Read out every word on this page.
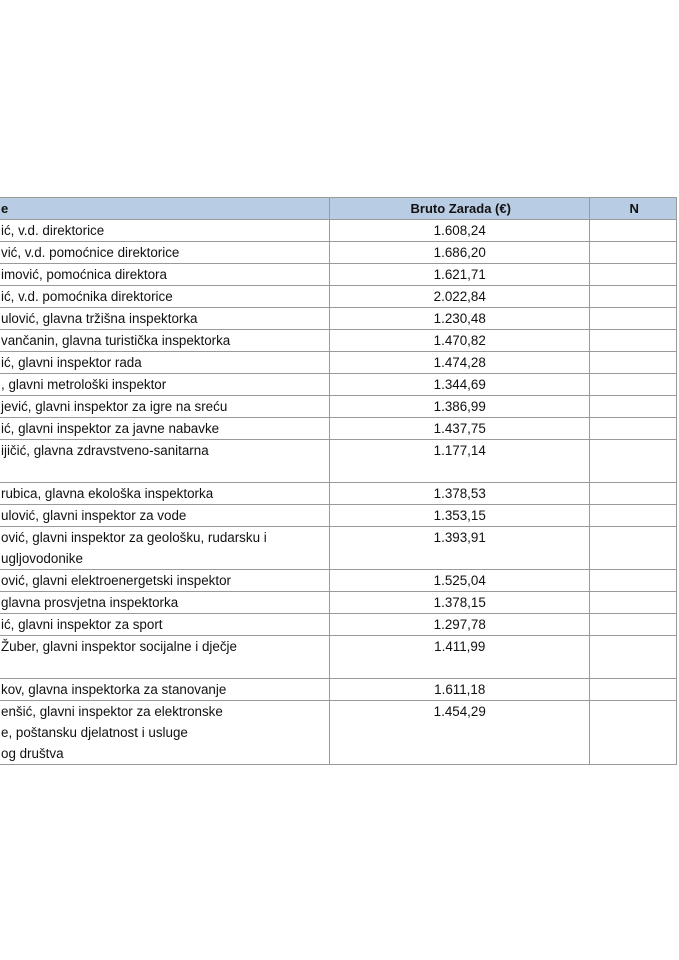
e	Bruto Zarada (€)	N

ić, v.d. direktorice	1.608,24	

vić, v.d. pomoćnice direktorice	1.686,20	

imović, pomoćnica direktora	1.621,71	

ić, v.d. pomoćnika direktorice	2.022,84	

ulović, glavna tržišna inspektorka	1.230,48	

vančanin, glavna turistička inspektorka	1.470,82	

ić, glavni inspektor rada	1.474,28	

, glavni metrološki inspektor	1.344,69	

jević, glavni inspektor za igre na sreću	1.386,99	

ić, glavni inspektor za javne nabavke	1.437,75	

ijičić, glavna zdravstveno-sanitarna	1.177,14	

rubica, glavna ekološka inspektorka	1.378,53	

ulović, glavni inspektor za vode	1.353,15	

ović, glavni inspektor za geološku, rudarsku i
ugljovodonike	1.393,91	

ović, glavni elektroenergetski inspektor	1.525,04	

glavna prosvjetna inspektorka	1.378,15	

ić, glavni inspektor za sport	1.297,78	

Žuber, glavni inspektor socijalne i dječje	1.411,99	

kov, glavna inspektorka za stanovanje	1.611,18	

enšić, glavni inspektor za elektronske
e, poštansku djelatnost i usluge
og društva	1.454,29	
